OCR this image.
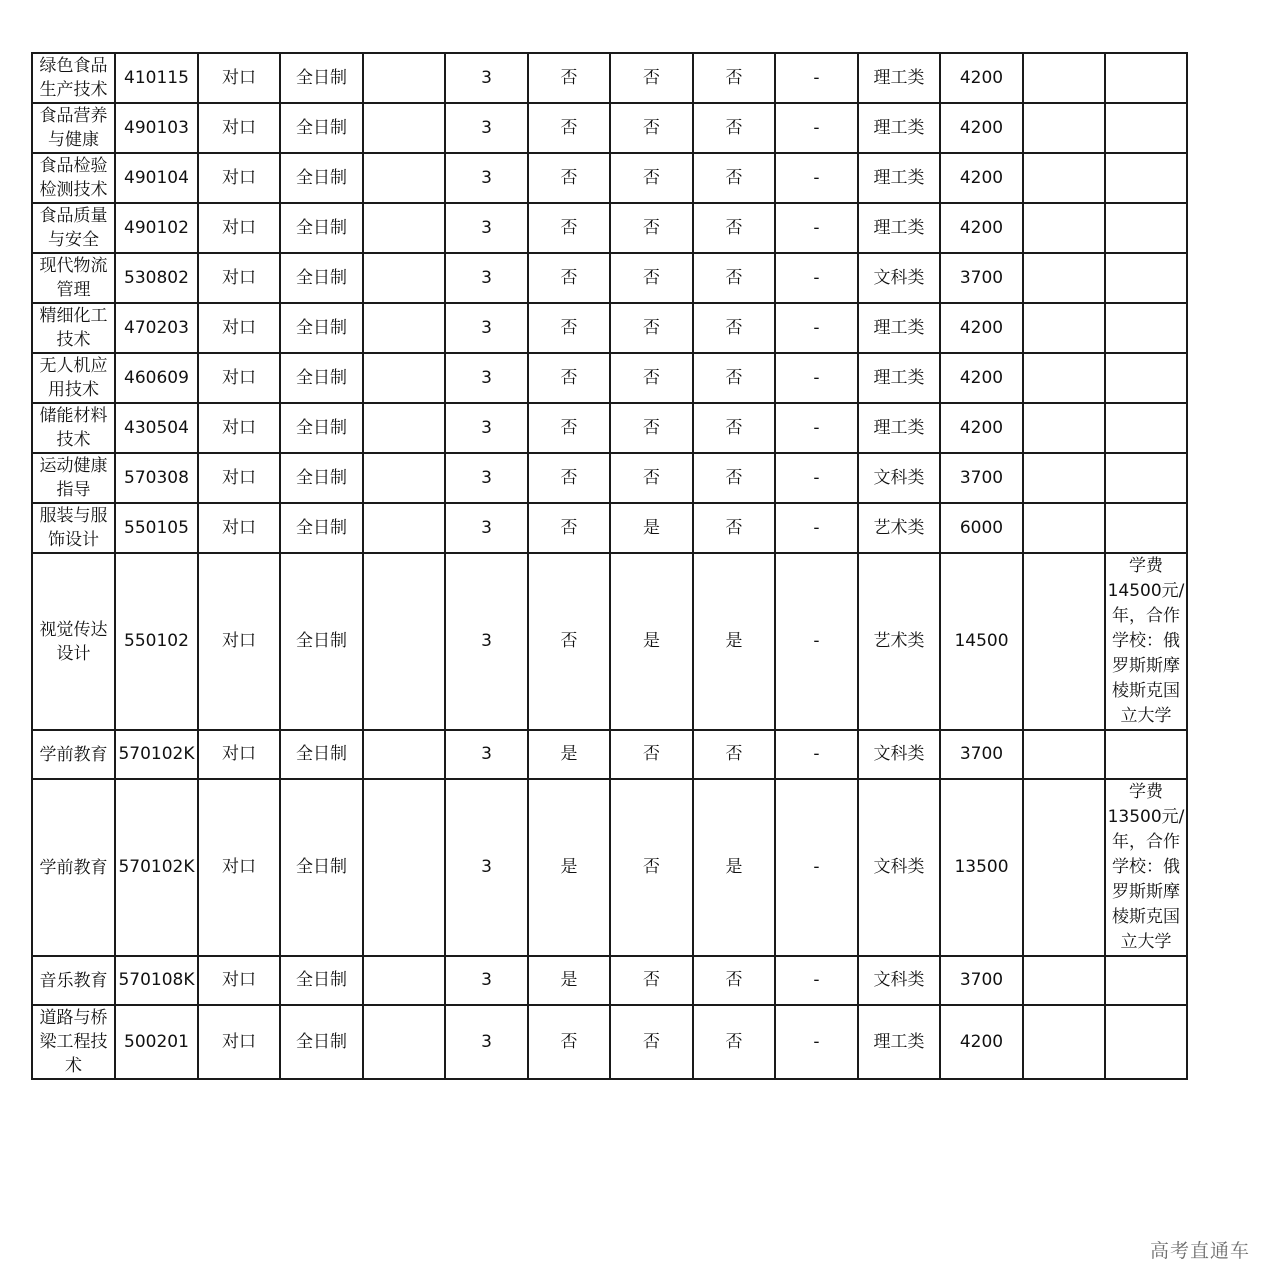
绿色食品生产技术	410115	对口	全日制		3	否	否	否	-	理工类	4200		
食品营养与健康	490103	对口	全日制		3	否	否	否	-	理工类	4200		
食品检验检测技术	490104	对口	全日制		3	否	否	否	-	理工类	4200		
食品质量与安全	490102	对口	全日制		3	否	否	否	-	理工类	4200		
现代物流管理	530802	对口	全日制		3	否	否	否	-	文科类	3700		
精细化工技术	470203	对口	全日制		3	否	否	否	-	理工类	4200		
无人机应用技术	460609	对口	全日制		3	否	否	否	-	理工类	4200		
储能材料技术	430504	对口	全日制		3	否	否	否	-	理工类	4200		
运动健康指导	570308	对口	全日制		3	否	否	否	-	文科类	3700		
服装与服饰设计	550105	对口	全日制		3	否	是	否	-	艺术类	6000		
视觉传达设计	550102	对口	全日制		3	否	是	是	-	艺术类	14500		学费14500元/年，合作学校：俄罗斯斯摩棱斯克国立大学
学前教育	570102K	对口	全日制		3	是	否	否	-	文科类	3700		
学前教育	570102K	对口	全日制		3	是	否	是	-	文科类	13500		学费13500元/年，合作学校：俄罗斯斯摩棱斯克国立大学
音乐教育	570108K	对口	全日制		3	是	否	否	-	文科类	3700		
道路与桥梁工程技术	500201	对口	全日制		3	否	否	否	-	理工类	4200		
高考直通车
